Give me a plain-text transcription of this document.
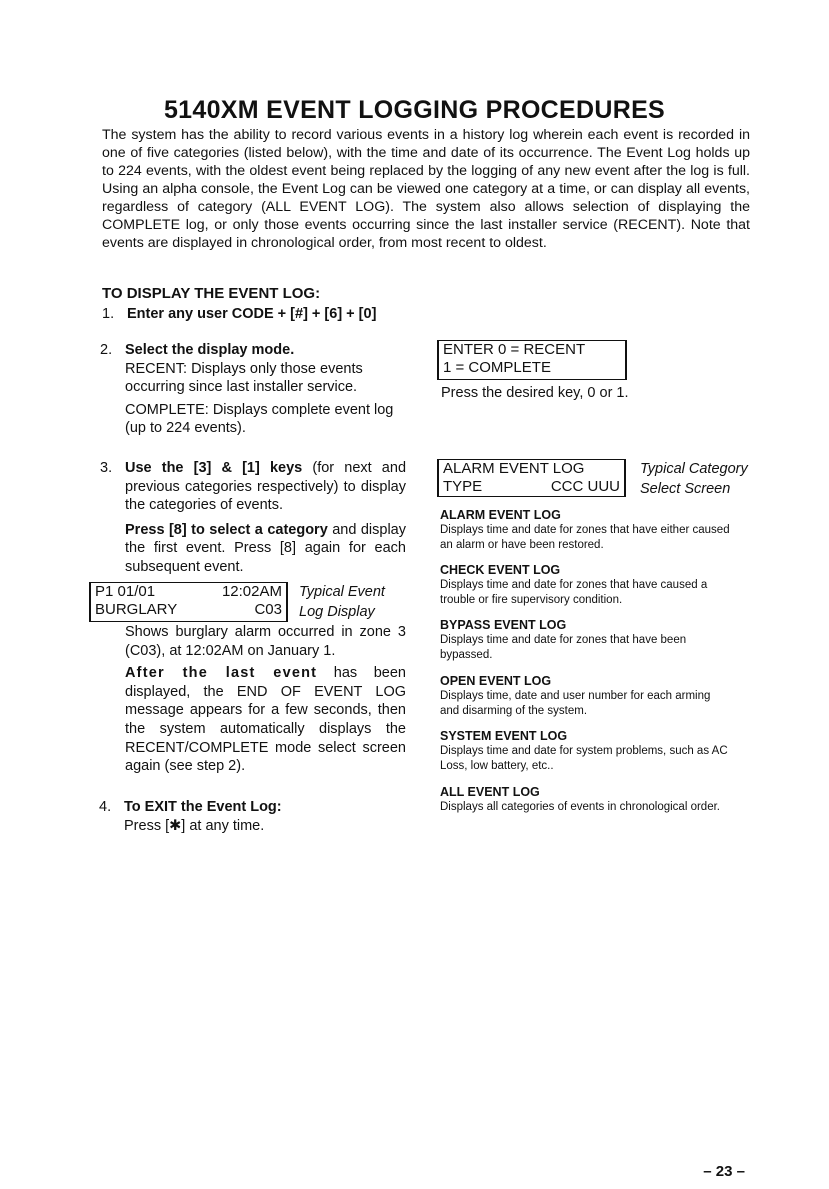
5140XM EVENT LOGGING PROCEDURES

The system has the ability to record various events in a history log wherein each event is recorded in one of five categories (listed below), with the time and date of its occurrence. The Event Log holds up to 224 events, with the oldest event being replaced by the logging of any new event after the log is full. Using an alpha console, the Event Log can be viewed one category at a time, or can display all events, regardless of category (ALL EVENT LOG). The system also allows selection of displaying the COMPLETE log, or only those events occurring since the last installer service (RECENT). Note that events are displayed in chronological order, from most recent to oldest.

TO DISPLAY THE EVENT LOG:
1. Enter any user CODE + [#] + [6] + [0]
2. Select the display mode.

RECENT: Displays only those events occurring since last installer service.

COMPLETE: Displays complete event log (up to 224 events).

ENTER 0 = RECENT
1 = COMPLETE
Press the desired key, 0 or 1.
3. Use the [3] & [1] keys (for next and previous categories respectively) to display the categories of events.

Press [8] to select a category and display the first event. Press [8] again for each subsequent event.

P1 01/01	12:02AM
BURGLARY	C03
Typical Event
Log Display

Shows burglary alarm occurred in zone 3 (C03), at 12:02AM on January 1.

After the last event has been displayed, the END OF EVENT LOG message appears for a few seconds, then the system automatically displays the RECENT/COMPLETE mode select screen again (see step 2).

ALARM EVENT LOG
TYPE	CCC UUU
Typical Category
Select Screen
ALARM EVENT LOG
Displays time and date for zones that have either caused an alarm or have been restored.
CHECK EVENT LOG
Displays time and date for zones that have caused a trouble or fire supervisory condition.
BYPASS EVENT LOG
Displays time and date for zones that have been bypassed.
OPEN EVENT LOG
Displays time, date and user number for each arming and disarming of the system.
SYSTEM EVENT LOG
Displays time and date for system problems, such as AC Loss, low battery, etc..
ALL EVENT LOG
Displays all categories of events in chronological order.
4. To EXIT the Event Log:
Press [✱] at any time.
– 23 –
